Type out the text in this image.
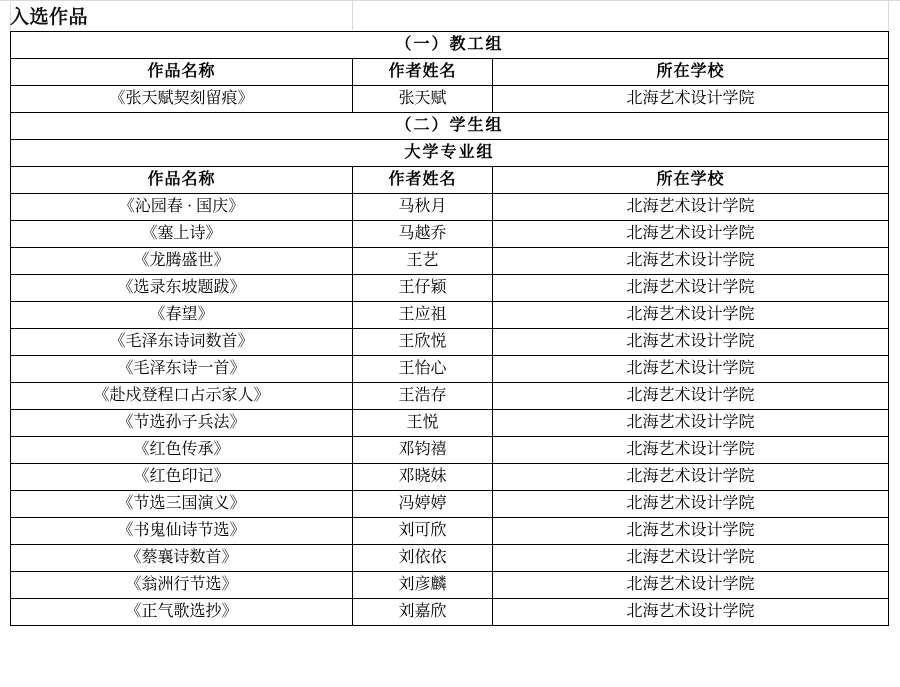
入选作品
（一）教工组		
作品名称	作者姓名	所在学校
《张天赋契刻留痕》	张天赋	北海艺术设计学院
（二）学生组		
大学专业组		
作品名称	作者姓名	所在学校
《沁园春 · 国庆》	马秋月	北海艺术设计学院
《塞上诗》	马越乔	北海艺术设计学院
《龙腾盛世》	王艺	北海艺术设计学院
《选录东坡题跋》	王仔颖	北海艺术设计学院
《春望》	王应祖	北海艺术设计学院
《毛泽东诗词数首》	王欣悦	北海艺术设计学院
《毛泽东诗一首》	王怡心	北海艺术设计学院
《赴戍登程口占示家人》	王浩存	北海艺术设计学院
《节选孙子兵法》	王悦	北海艺术设计学院
《红色传承》	邓钧禧	北海艺术设计学院
《红色印记》	邓晓妹	北海艺术设计学院
《节选三国演义》	冯婷婷	北海艺术设计学院
《书鬼仙诗节选》	刘可欣	北海艺术设计学院
《蔡襄诗数首》	刘依依	北海艺术设计学院
《翁洲行节选》	刘彦麟	北海艺术设计学院
《正气歌选抄》	刘嘉欣	北海艺术设计学院
